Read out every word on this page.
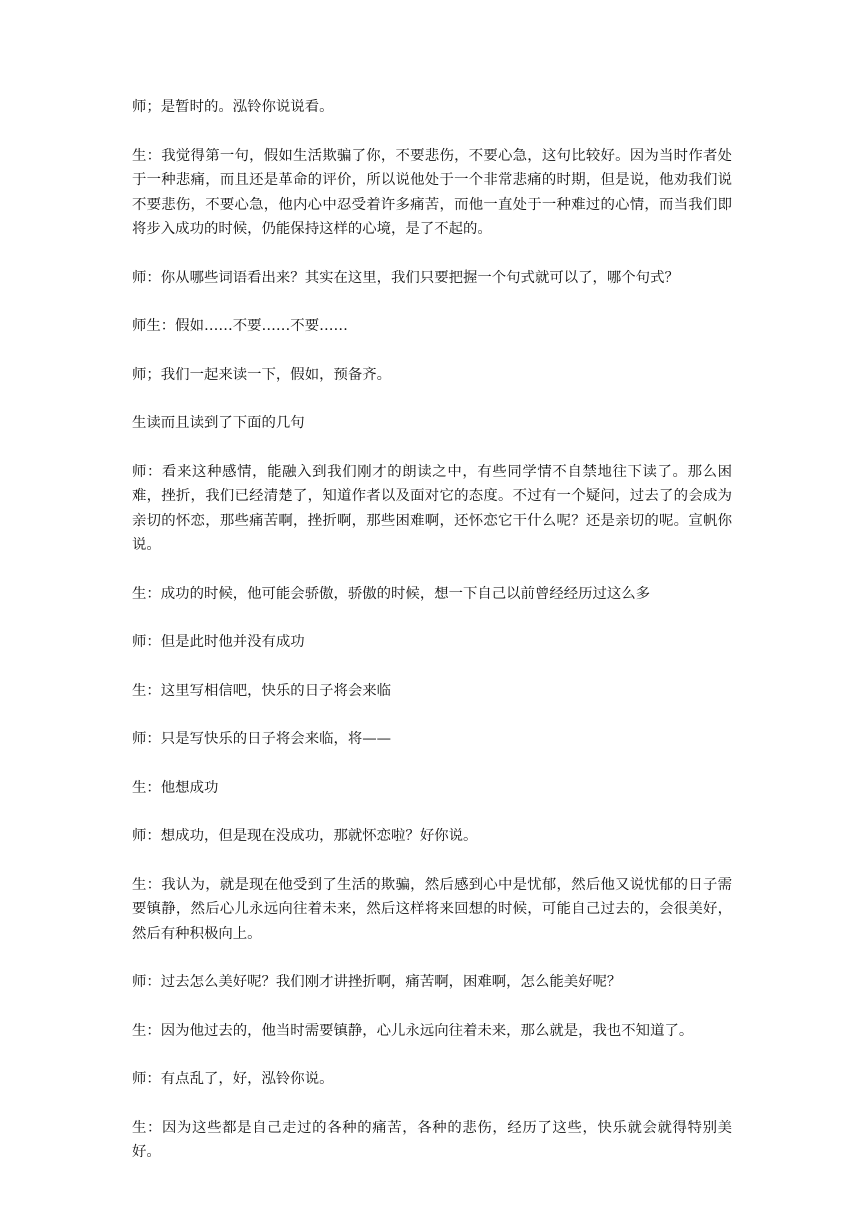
师；是暂时的。泓铃你说说看。

生：我觉得第一句，假如生活欺骗了你，不要悲伤，不要心急，这句比较好。因为当时作者处于一种悲痛，而且还是革命的评价，所以说他处于一个非常悲痛的时期，但是说，他劝我们说不要悲伤，不要心急，他内心中忍受着许多痛苦，而他一直处于一种难过的心情，而当我们即将步入成功的时候，仍能保持这样的心境，是了不起的。

师：你从哪些词语看出来？其实在这里，我们只要把握一个句式就可以了，哪个句式？

师生：假如……不要……不要……

师；我们一起来读一下，假如，预备齐。

生读而且读到了下面的几句

师：看来这种感情，能融入到我们刚才的朗读之中，有些同学情不自禁地往下读了。那么困难，挫折，我们已经清楚了，知道作者以及面对它的态度。不过有一个疑问，过去了的会成为亲切的怀恋，那些痛苦啊，挫折啊，那些困难啊，还怀恋它干什么呢？还是亲切的呢。宣帆你说。

生：成功的时候，他可能会骄傲，骄傲的时候，想一下自己以前曾经经历过这么多

师：但是此时他并没有成功

生：这里写相信吧，快乐的日子将会来临

师：只是写快乐的日子将会来临，将——

生：他想成功

师：想成功，但是现在没成功，那就怀恋啦？好你说。

生：我认为，就是现在他受到了生活的欺骗，然后感到心中是忧郁，然后他又说忧郁的日子需要镇静，然后心儿永远向往着未来，然后这样将来回想的时候，可能自己过去的，会很美好，然后有种积极向上。

师：过去怎么美好呢？我们刚才讲挫折啊，痛苦啊，困难啊，怎么能美好呢？

生：因为他过去的，他当时需要镇静，心儿永远向往着未来，那么就是，我也不知道了。

师：有点乱了，好，泓铃你说。

生：因为这些都是自己走过的各种的痛苦，各种的悲伤，经历了这些，快乐就会就得特别美好。
